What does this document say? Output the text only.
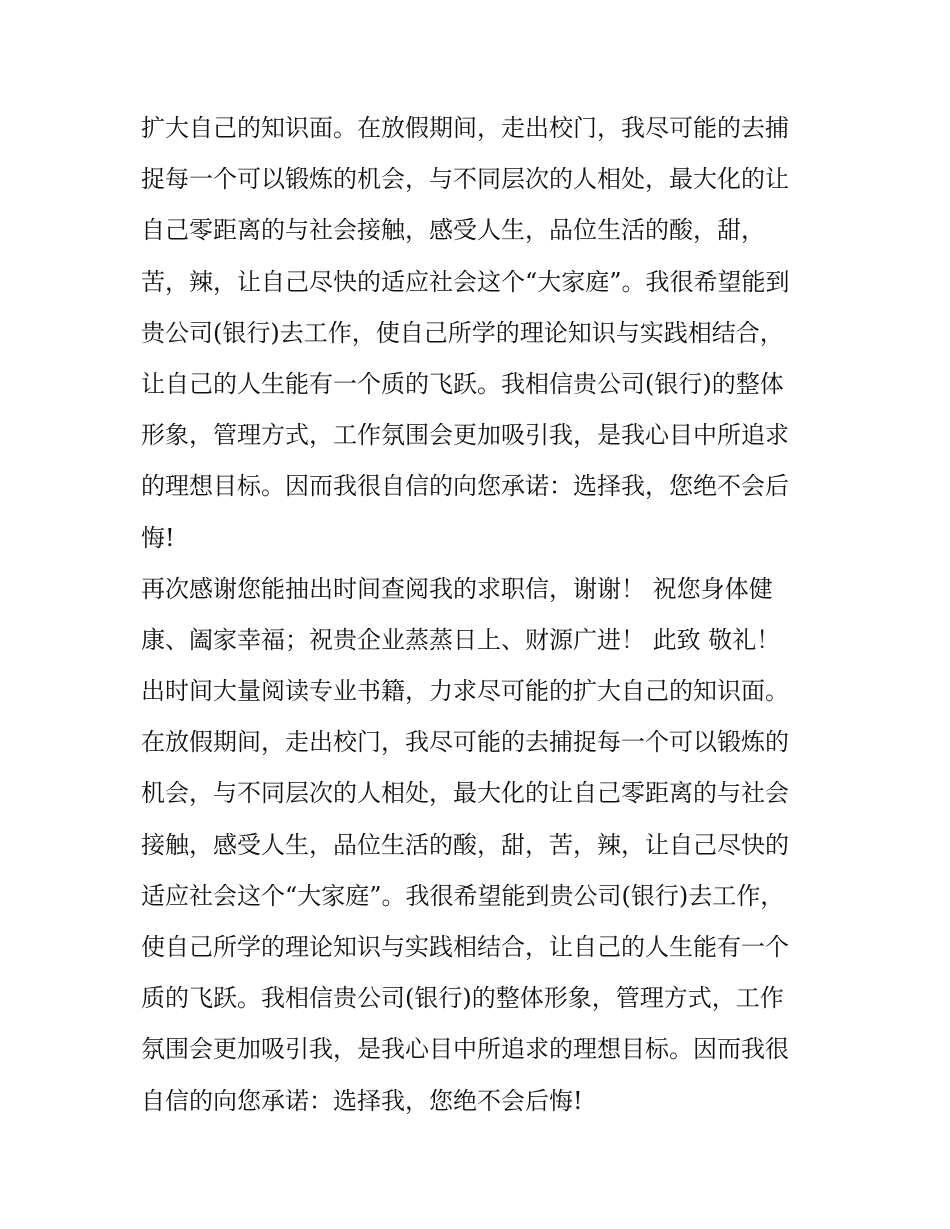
扩大自己的知识面。在放假期间，走出校门，我尽可能的去捕
捉每一个可以锻炼的机会，与不同层次的人相处，最大化的让
自己零距离的与社会接触，感受人生，品位生活的酸，甜，
苦，辣，让自己尽快的适应社会这个“大家庭”。我很希望能到
贵公司(银行)去工作，使自己所学的理论知识与实践相结合，
让自己的人生能有一个质的飞跃。我相信贵公司(银行)的整体
形象，管理方式，工作氛围会更加吸引我，是我心目中所追求
的理想目标。因而我很自信的向您承诺：选择我，您绝不会后
悔!
再次感谢您能抽出时间查阅我的求职信，谢谢！ 祝您身体健
康、阖家幸福；祝贵企业蒸蒸日上、财源广进！ 此致 敬礼！
出时间大量阅读专业书籍，力求尽可能的扩大自己的知识面。
在放假期间，走出校门，我尽可能的去捕捉每一个可以锻炼的
机会，与不同层次的人相处，最大化的让自己零距离的与社会
接触，感受人生，品位生活的酸，甜，苦，辣，让自己尽快的
适应社会这个“大家庭”。我很希望能到贵公司(银行)去工作，
使自己所学的理论知识与实践相结合，让自己的人生能有一个
质的飞跃。我相信贵公司(银行)的整体形象，管理方式，工作
氛围会更加吸引我，是我心目中所追求的理想目标。因而我很
自信的向您承诺：选择我，您绝不会后悔!
